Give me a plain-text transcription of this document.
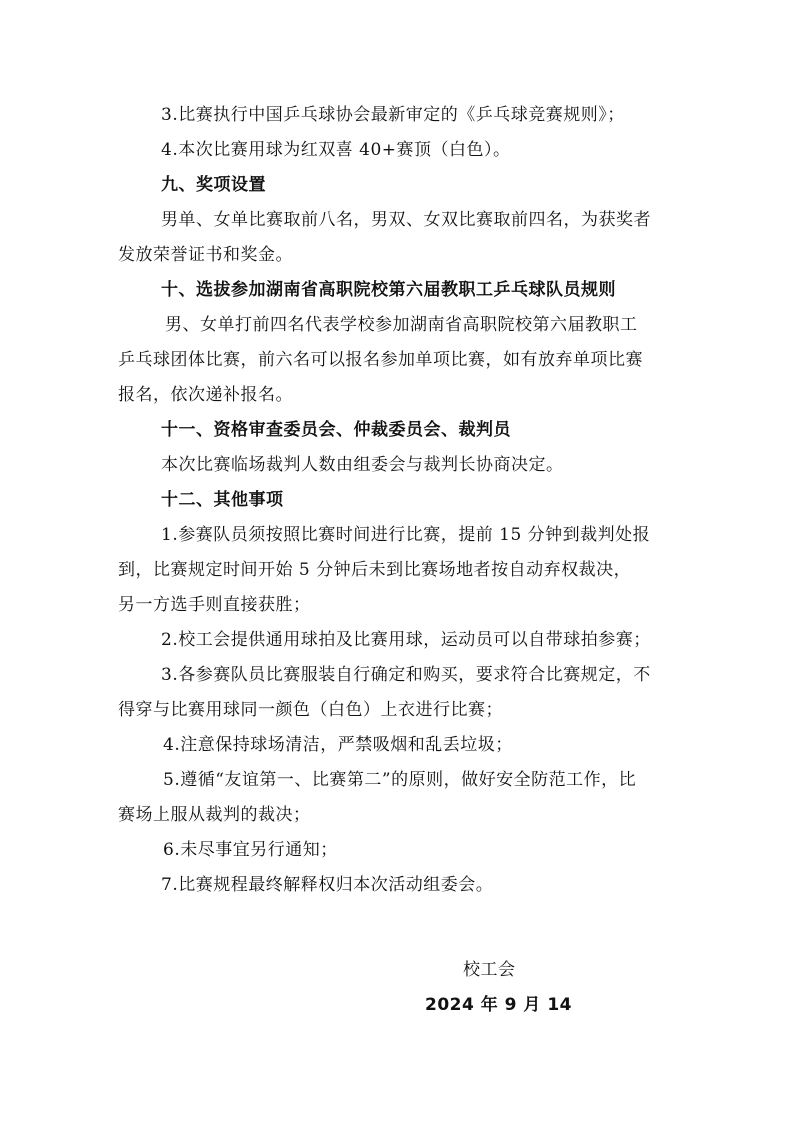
3.比赛执行中国乒乓球协会最新审定的《乒乓球竞赛规则》；
4.本次比赛用球为红双喜 40+赛顶（白色）。
九、奖项设置
男单、女单比赛取前八名，男双、女双比赛取前四名，为获奖者
发放荣誉证书和奖金。
十、选拔参加湖南省高职院校第六届教职工乒乓球队员规则
男、女单打前四名代表学校参加湖南省高职院校第六届教职工
乒乓球团体比赛，前六名可以报名参加单项比赛，如有放弃单项比赛
报名，依次递补报名。
十一、资格审查委员会、仲裁委员会、裁判员
本次比赛临场裁判人数由组委会与裁判长协商决定。
十二、其他事项
1.参赛队员须按照比赛时间进行比赛，提前 15 分钟到裁判处报
到，比赛规定时间开始 5 分钟后未到比赛场地者按自动弃权裁决，
另一方选手则直接获胜；
2.校工会提供通用球拍及比赛用球，运动员可以自带球拍参赛；
3.各参赛队员比赛服装自行确定和购买，要求符合比赛规定，不
得穿与比赛用球同一颜色（白色）上衣进行比赛；
4.注意保持球场清洁，严禁吸烟和乱丢垃圾；
5.遵循“友谊第一、比赛第二”的原则，做好安全防范工作，比
赛场上服从裁判的裁决；
6.未尽事宜另行通知；
7.比赛规程最终解释权归本次活动组委会。
校工会
2024 年 9 月 14
